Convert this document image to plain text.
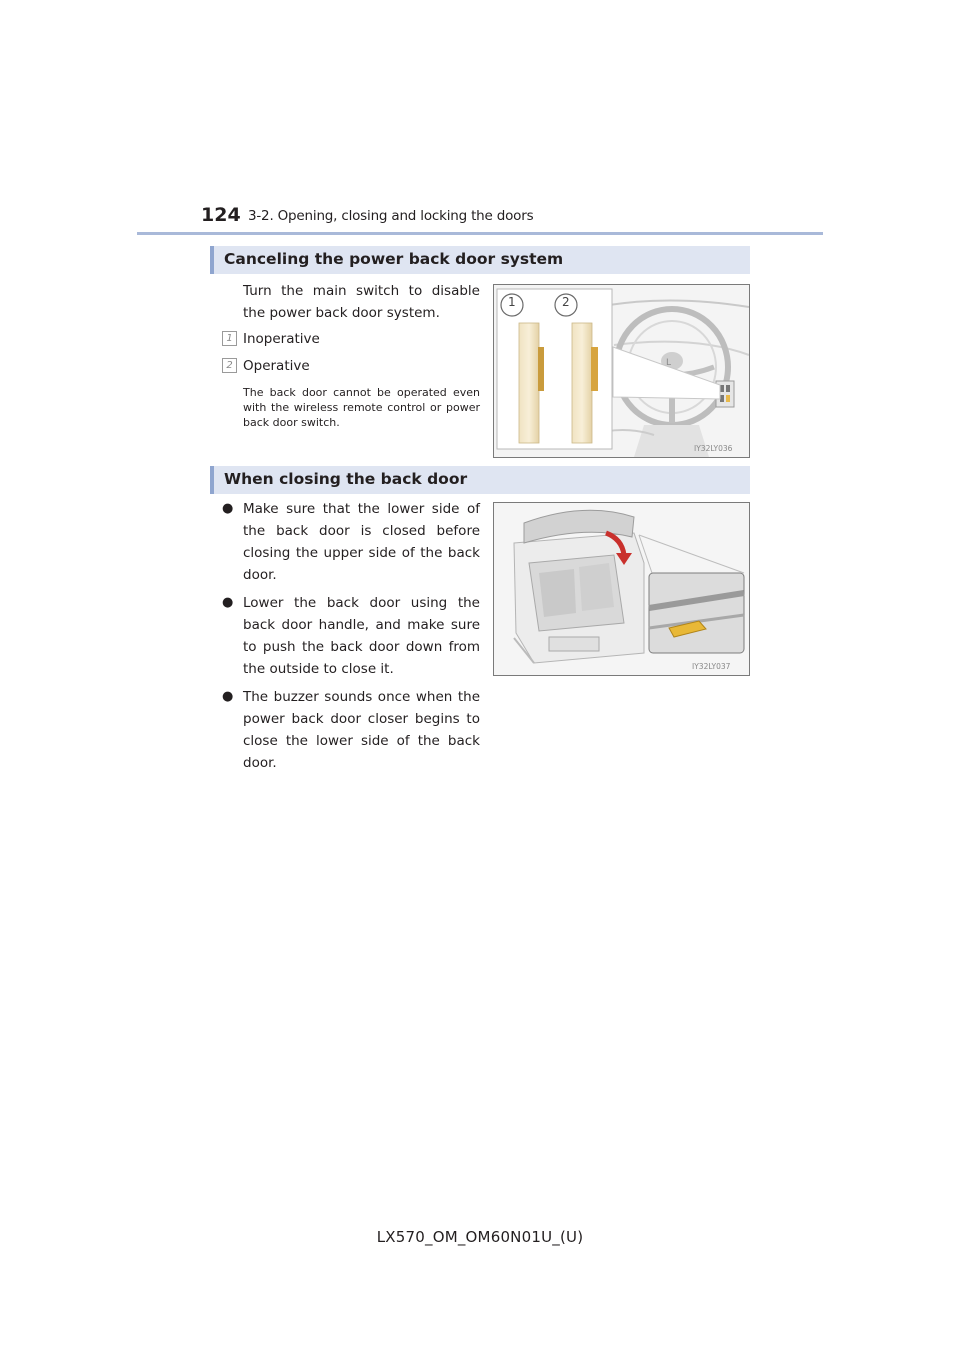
124 3-2. Opening, closing and locking the doors
Canceling the power back door system
Turn the main switch to disable the power back door system.
1 Inoperative
2 Operative
The back door cannot be operated even with the wireless remote control or power back door switch.
L
1	2
IY32LY036
When closing the back door
● Make sure that the lower side of the back door is closed before closing the upper side of the back door.
● Lower the back door using the back door handle, and make sure to push the back door down from the outside to close it.
● The buzzer sounds once when the power back door closer begins to close the lower side of the back door.
IY32LY037
LX570_OM_OM60N01U_(U)
